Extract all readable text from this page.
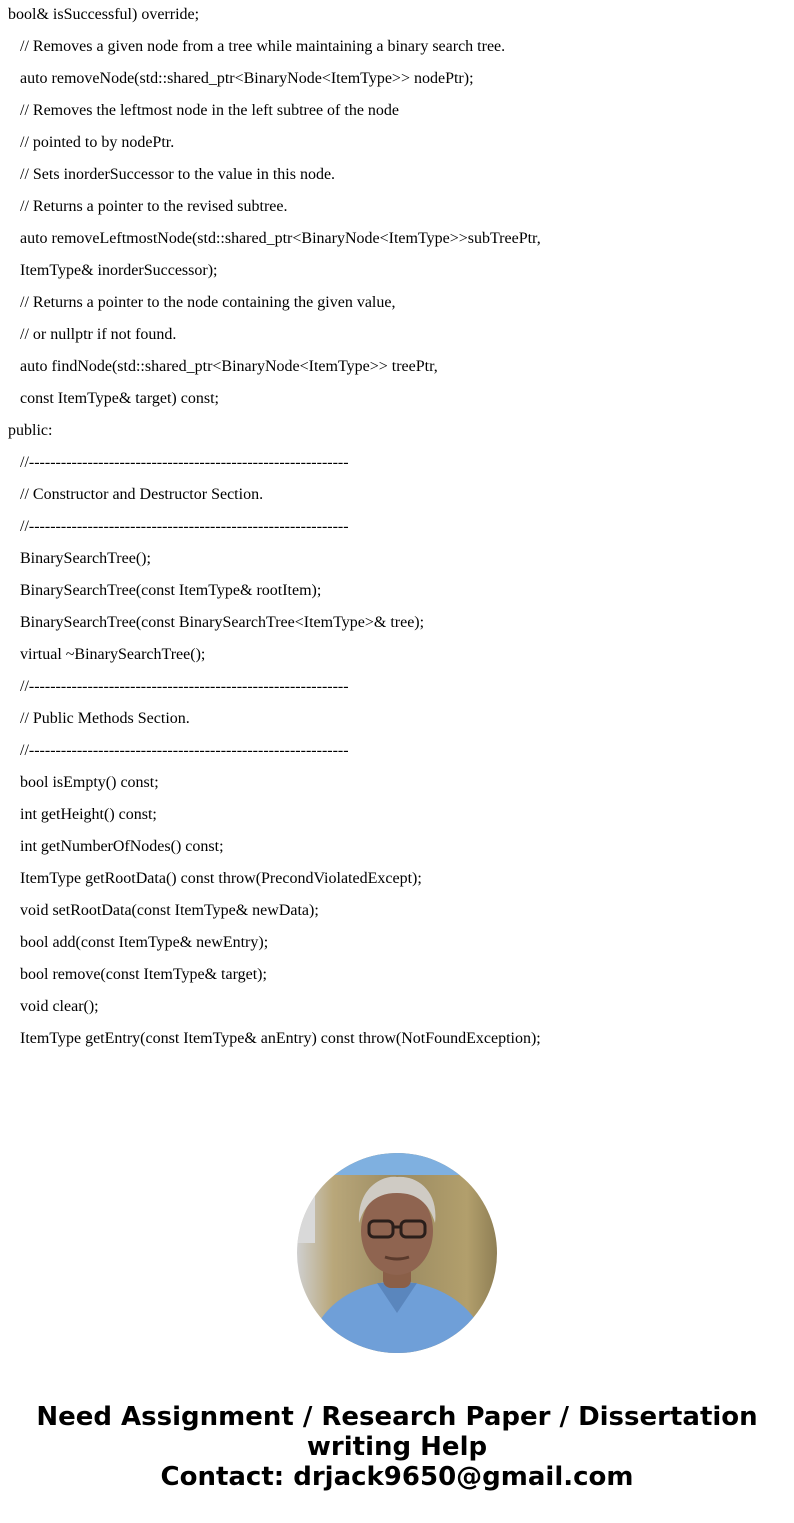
bool& isSuccessful) override;
// Removes a given node from a tree while maintaining a binary search tree.
auto removeNode(std::shared_ptr<BinaryNode<ItemType>> nodePtr);
// Removes the leftmost node in the left subtree of the node
// pointed to by nodePtr.
// Sets inorderSuccessor to the value in this node.
// Returns a pointer to the revised subtree.
auto removeLeftmostNode(std::shared_ptr<BinaryNode<ItemType>>subTreePtr,
ItemType& inorderSuccessor);
// Returns a pointer to the node containing the given value,
// or nullptr if not found.
auto findNode(std::shared_ptr<BinaryNode<ItemType>> treePtr,
const ItemType& target) const;
public:
//------------------------------------------------------------
// Constructor and Destructor Section.
//------------------------------------------------------------
BinarySearchTree();
BinarySearchTree(const ItemType& rootItem);
BinarySearchTree(const BinarySearchTree<ItemType>& tree);
virtual ~BinarySearchTree();
//------------------------------------------------------------
// Public Methods Section.
//------------------------------------------------------------
bool isEmpty() const;
int getHeight() const;
int getNumberOfNodes() const;
ItemType getRootData() const throw(PrecondViolatedExcept);
void setRootData(const ItemType& newData);
bool add(const ItemType& newEntry);
bool remove(const ItemType& target);
void clear();
ItemType getEntry(const ItemType& anEntry) const throw(NotFoundException);
Need Assignment / Research Paper / Dissertation
writing Help
Contact: drjack9650@gmail.com
